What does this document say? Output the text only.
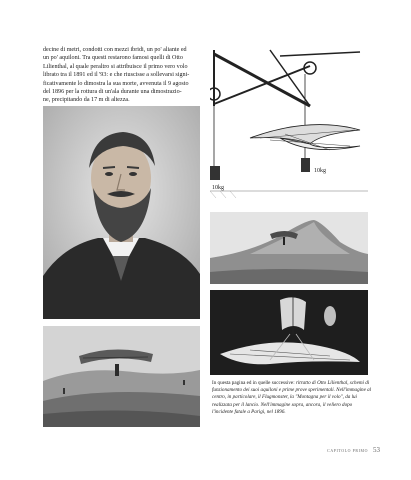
decine di metri, condotti con mezzi ibridi, un po' aliante ed
un po' aquiloni. Tra questi restarono famosi quelli di Otto
Lilienthal, al quale peraltro si attribuisce il primo vero volo
librato tra il 1891 ed il '93: e che riuscisse a sollevarsi signi-
ficativamente lo dimostra la sua morte, avvenuta il 9 agosto
del 1896 per la rottura di un'ala durante una dimostrazio-
ne, precipitando da 17 m di altezza.
10kg
10kg
In questa pagina ed in quelle successive: ritratto di Otto Lilienthal, schemi di funzionamento dei suoi aquiloni e prime prove sperimentali. Nell'immagine al centro, in particolare, il Flugmonster, la "Montagna per il volo", da lui realizzata per il lancio. Nell'immagine sopra, ancora, il veliero dopo l'incidente fatale a Parigi, nel 1896.
CAPITOLO PRIMO 53
